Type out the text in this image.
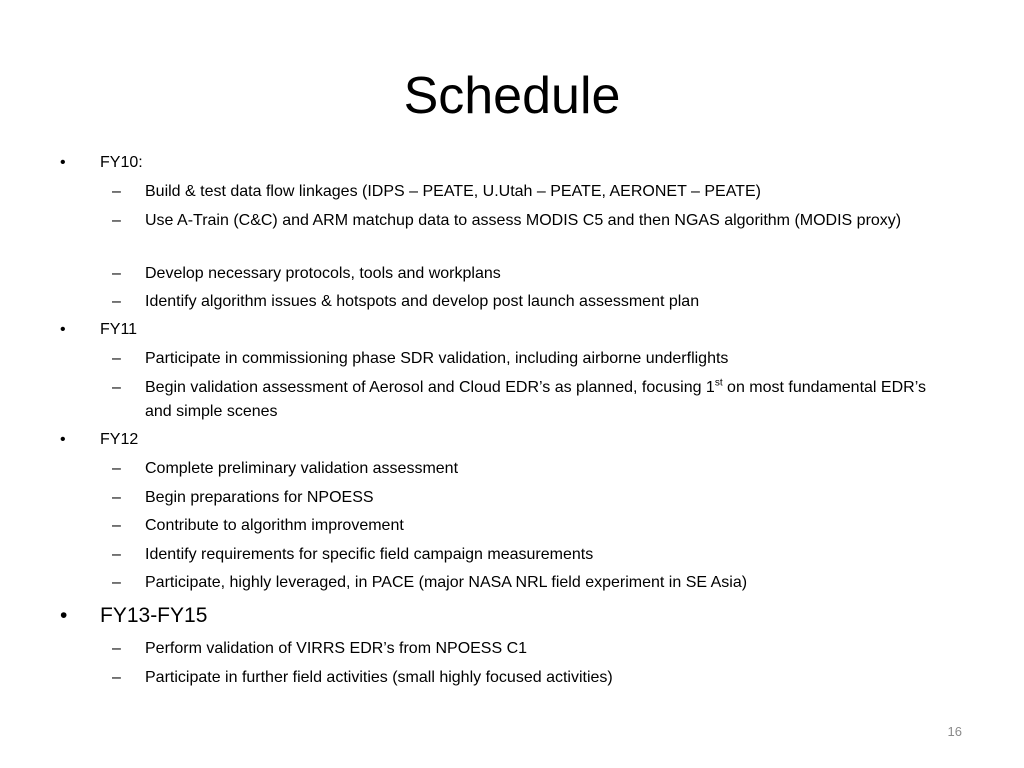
Schedule
• FY10:
– Build & test data flow linkages (IDPS – PEATE, U.Utah – PEATE, AERONET – PEATE)
– Use A-Train (C&C) and ARM matchup data to assess MODIS C5 and then NGAS algorithm (MODIS proxy)
– Develop necessary protocols, tools and workplans
– Identify algorithm issues & hotspots and develop post launch assessment plan
• FY11
– Participate in commissioning phase SDR validation, including airborne underflights
– Begin validation assessment of Aerosol and Cloud EDR’s as planned, focusing 1st on most fundamental EDR’s and simple scenes
• FY12
– Complete preliminary validation assessment
– Begin preparations for NPOESS
– Contribute to algorithm improvement
– Identify requirements for specific field campaign measurements
– Participate, highly leveraged, in PACE (major NASA NRL field experiment in SE Asia)
• FY13-FY15
– Perform validation of VIRRS EDR’s from NPOESS C1
– Participate in further field activities (small highly focused activities)
16
